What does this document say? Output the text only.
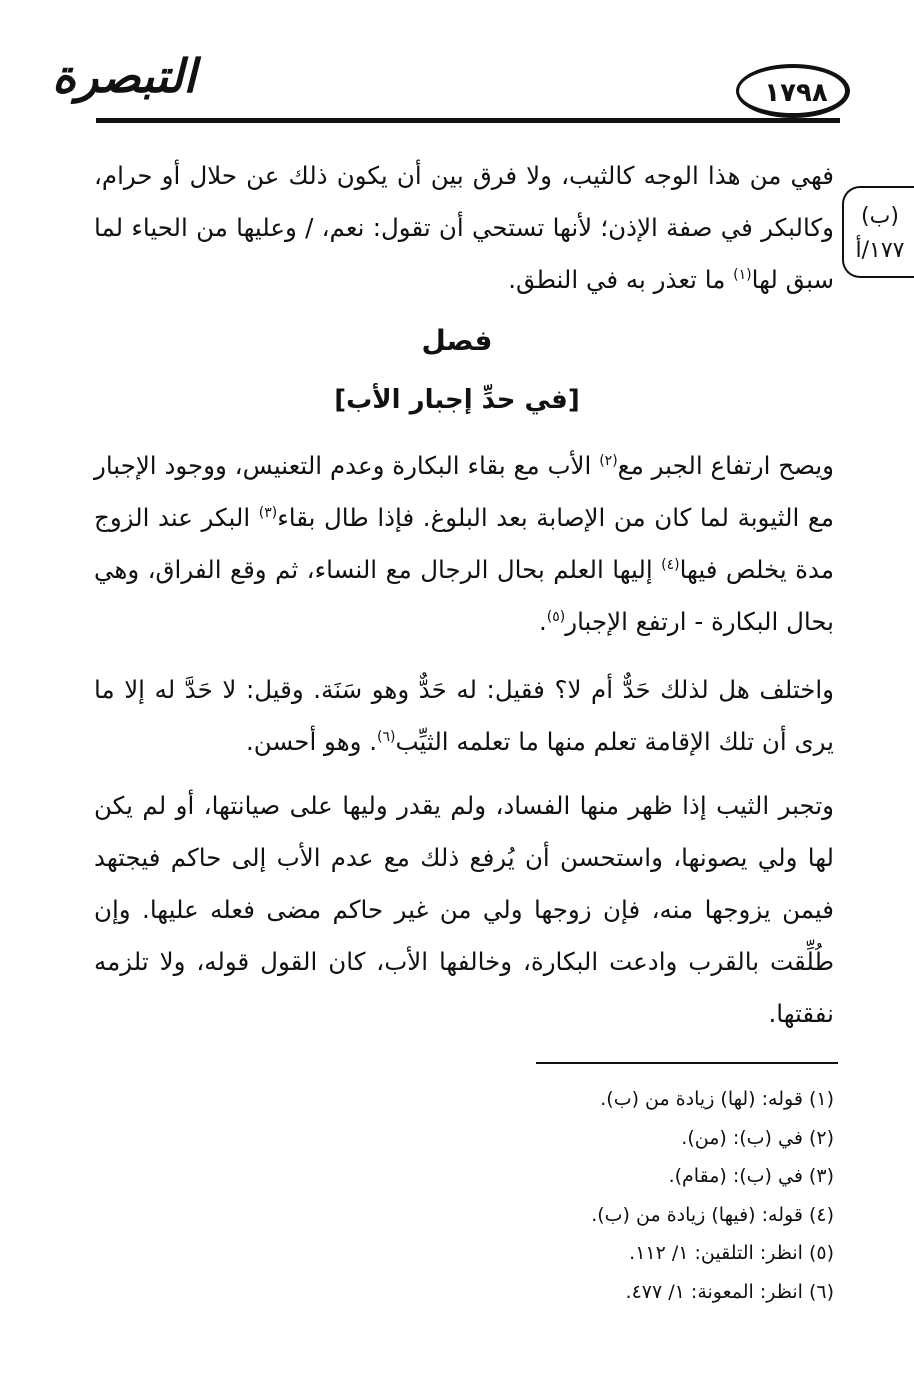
التبصرة	١٧٩٨
(ب)
١٧٧/أ
فهي من هذا الوجه كالثيب، ولا فرق بين أن يكون ذلك عن حلال أو حرام، وكالبكر في صفة الإذن؛ لأنها تستحي أن تقول: نعم، / وعليها من الحياء لما سبق لها$^{(١)}$ ما تعذر به في النطق.
فصل
[في حدِّ إجبار الأب]
ويصح ارتفاع الجبر مع$^{(٢)}$ الأب مع بقاء البكارة وعدم التعنيس، ووجود الإجبار مع الثيوبة لما كان من الإصابة بعد البلوغ. فإذا طال بقاء$^{(٣)}$ البكر عند الزوج مدة يخلص فيها$^{(٤)}$ إليها العلم بحال الرجال مع النساء، ثم وقع الفراق، وهي بحال البكارة - ارتفع الإجبار$^{(٥)}$.
واختلف هل لذلك حَدٌّ أم لا؟ فقيل: له حَدٌّ وهو سَنَة. وقيل: لا حَدَّ له إلا ما يرى أن تلك الإقامة تعلم منها ما تعلمه الثيِّب$^{(٦)}$. وهو أحسن.
وتجبر الثيب إذا ظهر منها الفساد، ولم يقدر وليها على صيانتها، أو لم يكن لها ولي يصونها، واستحسن أن يُرفع ذلك مع عدم الأب إلى حاكم فيجتهد فيمن يزوجها منه، فإن زوجها ولي من غير حاكم مضى فعله عليها. وإن طُلِّقت بالقرب وادعت البكارة، وخالفها الأب، كان القول قوله، ولا تلزمه نفقتها.
(١) قوله: (لها) زيادة من (ب).
(٢) في (ب): (من).
(٣) في (ب): (مقام).
(٤) قوله: (فيها) زيادة من (ب).
(٥) انظر: التلقين: ١/ ١١٢.
(٦) انظر: المعونة: ١/ ٤٧٧.
